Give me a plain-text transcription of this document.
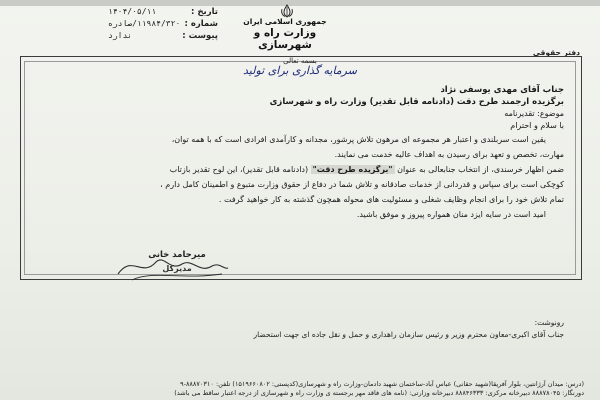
تاریخ :
۱۴۰۴/۰۵/۱۱
شماره :
۱۱۹۸۴/۳۲۰/صادره
پیوست :
ندارد
جمهوری اسلامی ایران
وزارت راه و شهرسازی
دفتر حقوقی
بسمه تعالی
سرمایه گذاری برای تولید
جناب آقای مهدی یوسفی نژاد
برگزیده ارجمند طرح دقت (دادنامه قابل تقدیر) وزارت راه و شهرسازی
موضوع: تقدیرنامه
با سلام و احترام
یقین است سربلندی و اعتبار هر مجموعه ای مرهون تلاش پرشور، مجدانه و کارآمدی افرادی است که با همه توان،
مهارت، تخصص و تعهد برای رسیدن به اهداف عالیه خدمت می نمایند.
ضمن اظهار خرسندی، از انتخاب جنابعالی به عنوان "برگزیده طرح دقت" (دادنامه قابل تقدیر)، این لوح تقدیر بازتاب
کوچکی است برای سپاس و قدردانی از خدمات صادقانه و تلاش شما در دفاع از حقوق وزارت متبوع و اطمینان کامل دارم ،
تمام تلاش خود را برای انجام وظایف شغلی و مسئولیت های محوله همچون گذشته به کار خواهید گرفت .
امید است در سایه ایزد منان همواره پیروز و موفق باشید.
میرحامد خانی
مدیرکل
رونوشت:
جناب آقای اکبری-معاون محترم وزیر و رئیس سازمان راهداری و حمل و نقل جاده ای جهت استحضار
(درس: میدان آرژانتین، بلوار آفریقا(شهید حقانی) عباس آباد-ساختمان شهید دادمان-وزارت راه و شهرسازی(کدپستی: ۱۵۱۹۶۶۰۸۰۲) تلفن: ۸۸۸۷۰۳۱۰-۹
دورنگار: ۸۸۸۷۸۰۴۵ دبیرخانه مرکزی: ۸۸۸۴۶۳۳۳ دبیرخانه وزارتی: (نامه های فاقد مهر برجسته ی وزارت راه و شهرسازی از درجه اعتبار ساقط می باشد)
